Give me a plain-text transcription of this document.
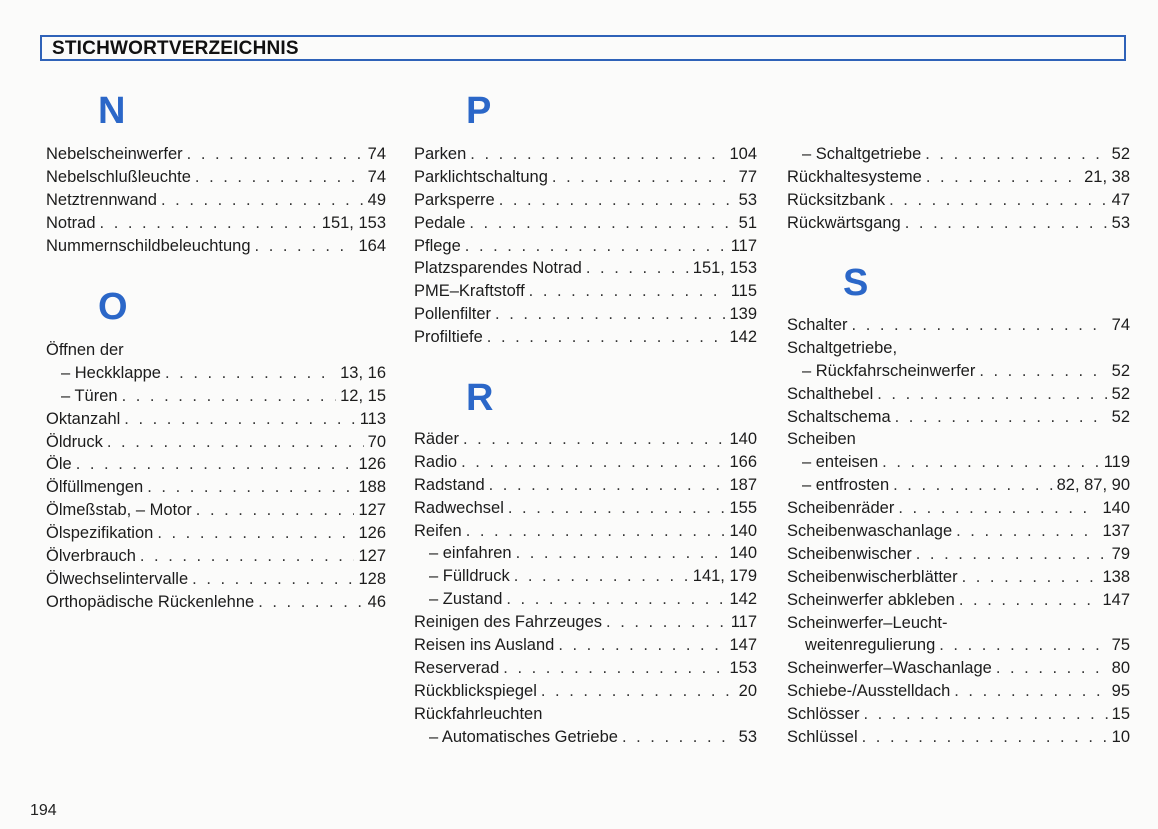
STICHWORTVERZEICHNIS
N
Nebelscheinwerfer . . .	74
Nebelschlußleuchte . . .	74
Netztrennwand . . .	49
Notrad . . .	151, 153
Nummernschildbeleuchtung . . .	164
O
Öffnen der
– Heckklappe . . .	13, 16
– Türen . . .	12, 15
Oktanzahl . . .	113
Öldruck . . .	70
Öle . . .	126
Ölfüllmengen . . .	188
Ölmeßstab, – Motor . . .	127
Ölspezifikation . . .	126
Ölverbrauch . . .	127
Ölwechselintervalle . . .	128
Orthopädische Rückenlehne . . .	46
P
Parken . . .	104
Parklichtschaltung . . .	77
Parksperre . . .	53
Pedale . . .	51
Pflege . . .	117
Platzsparendes Notrad . . .	151, 153
PME–Kraftstoff . . .	115
Pollenfilter . . .	139
Profiltiefe . . .	142
R
Räder . . .	140
Radio . . .	166
Radstand . . .	187
Radwechsel . . .	155
Reifen . . .	140
– einfahren . . .	140
– Fülldruck . . .	141, 179
– Zustand . . .	142
Reinigen des Fahrzeuges . . .	117
Reisen ins Ausland . . .	147
Reserverad . . .	153
Rückblickspiegel . . .	20
Rückfahrleuchten
– Automatisches Getriebe . . .	53
– Schaltgetriebe . . .	52
Rückhaltesysteme . . .	21, 38
Rücksitzbank . . .	47
Rückwärtsgang . . .	53
S
Schalter . . .	74
Schaltgetriebe,
– Rückfahrscheinwerfer . . .	52
Schalthebel . . .	52
Schaltschema . . .	52
Scheiben
– enteisen . . .	119
– entfrosten . . .	82, 87, 90
Scheibenräder . . .	140
Scheibenwaschanlage . . .	137
Scheibenwischer . . .	79
Scheibenwischerblätter . . .	138
Scheinwerfer abkleben . . .	147
Scheinwerfer–Leucht-
weitenregulierung . . .	75
Scheinwerfer–Waschanlage . . .	80
Schiebe-/Ausstelldach . . .	95
Schlösser . . .	15
Schlüssel . . .	10
194
